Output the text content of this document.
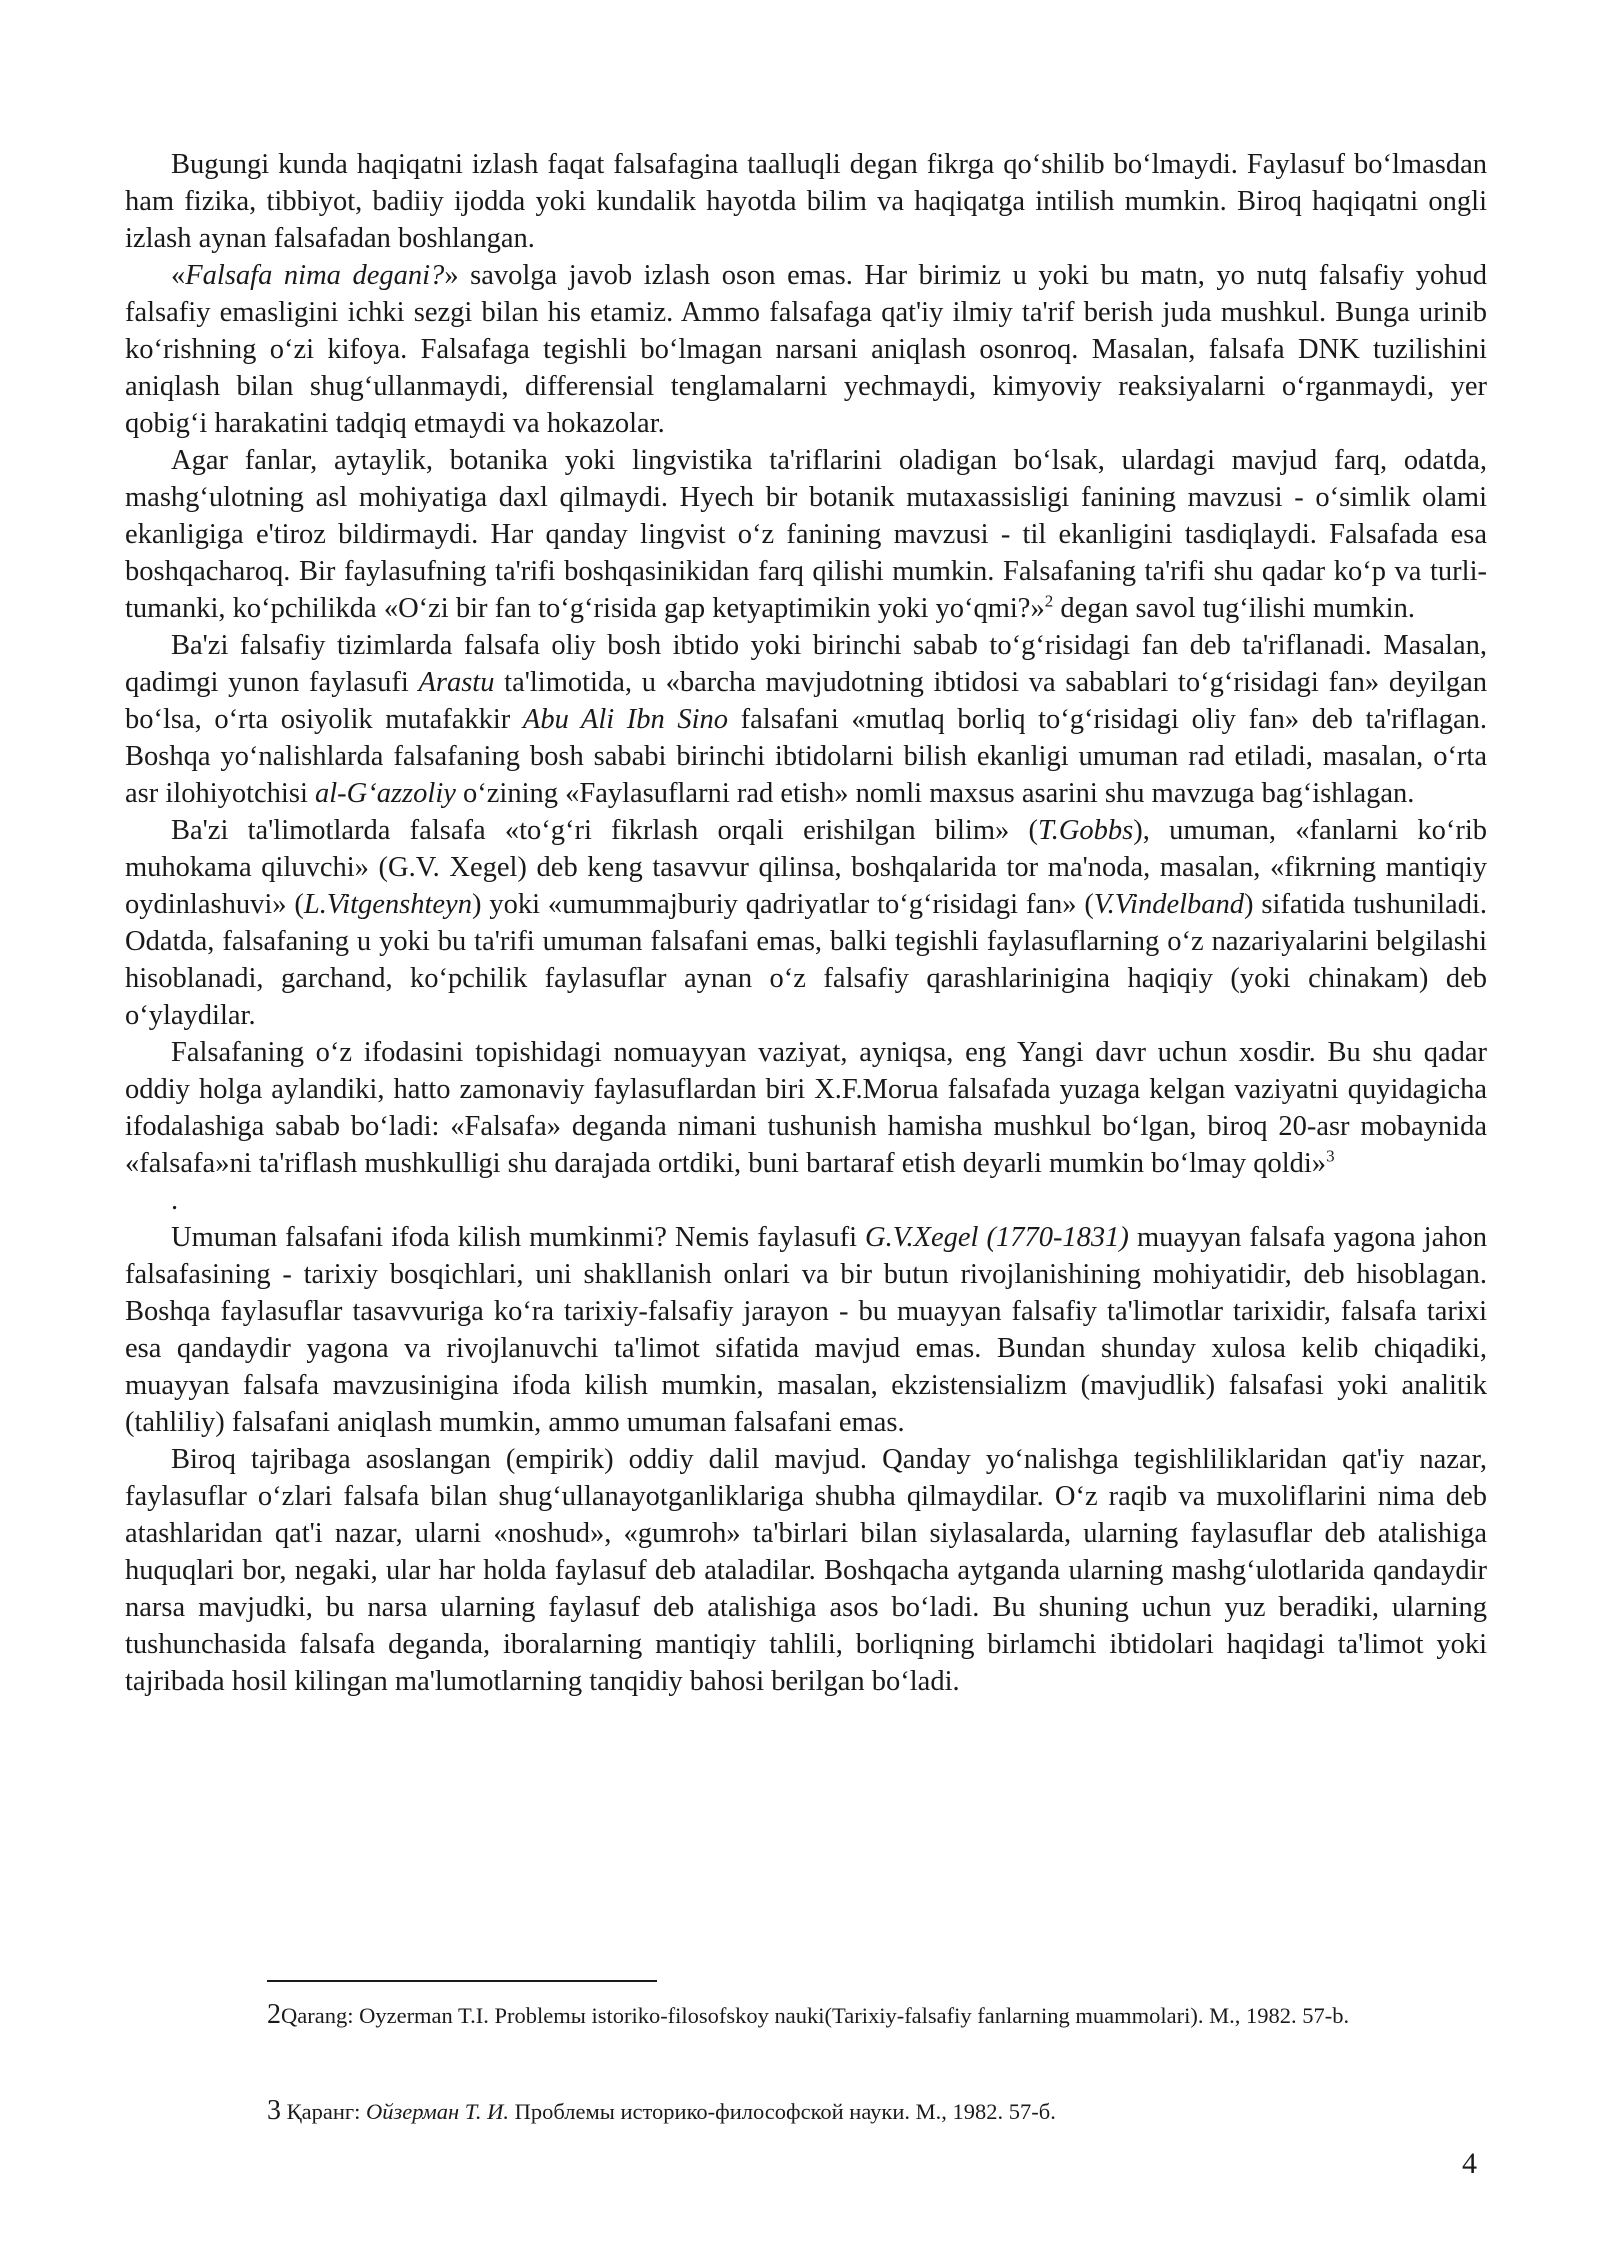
Bugungi kunda haqiqatni izlash faqat falsafagina taalluqli degan fikrga qo‘shilib bo‘lmaydi. Faylasuf bo‘lmasdan ham fizika, tibbiyot, badiiy ijodda yoki kundalik hayotda bilim va haqiqatga intilish mumkin. Biroq haqiqatni ongli izlash aynan falsafadan boshlangan.

«Falsafa nima degani?» savolga javob izlash oson emas. Har birimiz u yoki bu matn, yo nutq falsafiy yohud falsafiy emasligini ichki sezgi bilan his etamiz. Ammo falsafaga qat'iy ilmiy ta'rif berish juda mushkul. Bunga urinib ko‘rishning o‘zi kifoya. Falsafaga tegishli bo‘lmagan narsani aniqlash osonroq. Masalan, falsafa DNK tuzilishini aniqlash bilan shug‘ullanmaydi, differensial tenglamalarni yechmaydi, kimyoviy reaksiyalarni o‘rganmaydi, yer qobig‘i harakatini tadqiq etmaydi va hokazolar.

Agar fanlar, aytaylik, botanika yoki lingvistika ta'riflarini oladigan bo‘lsak, ulardagi mavjud farq, odatda, mashg‘ulotning asl mohiyatiga daxl qilmaydi. Hyech bir botanik mutaxassisligi fanining mavzusi - o‘simlik olami ekanligiga e'tiroz bildirmaydi. Har qanday lingvist o‘z fanining mavzusi - til ekanligini tasdiqlaydi. Falsafada esa boshqacharoq. Bir faylasufning ta'rifi boshqasinikidan farq qilishi mumkin. Falsafaning ta'rifi shu qadar ko‘p va turli-tumanki, ko‘pchilikda «O‘zi bir fan to‘g‘risida gap ketyaptimikin yoki yo‘qmi?»$^2$ degan savol tug‘ilishi mumkin.

Ba'zi falsafiy tizimlarda falsafa oliy bosh ibtido yoki birinchi sabab to‘g‘risidagi fan deb ta'riflanadi. Masalan, qadimgi yunon faylasufi Arastu ta'limotida, u «barcha mavjudotning ibtidosi va sabablari to‘g‘risidagi fan» deyilgan bo‘lsa, o‘rta osiyolik mutafakkir Abu Ali Ibn Sino falsafani «mutlaq borliq to‘g‘risidagi oliy fan» deb ta'riflagan. Boshqa yo‘nalishlarda falsafaning bosh sababi birinchi ibtidolarni bilish ekanligi umuman rad etiladi, masalan, o‘rta asr ilohiyotchisi al-G‘azzoliy o‘zining «Faylasuflarni rad etish» nomli maxsus asarini shu mavzuga bag‘ishlagan.

Ba'zi ta'limotlarda falsafa «to‘g‘ri fikrlash orqali erishilgan bilim» (T.Gobbs), umuman, «fanlarni ko‘rib muhokama qiluvchi» (G.V. Xegel) deb keng tasavvur qilinsa, boshqalarida tor ma'noda, masalan, «fikrning mantiqiy oydinlashuvi» (L.Vitgenshteyn) yoki «umummajburiy qadriyatlar to‘g‘risidagi fan» (V.Vindelband) sifatida tushuniladi. Odatda, falsafaning u yoki bu ta'rifi umuman falsafani emas, balki tegishli faylasuflarning o‘z nazariyalarini belgilashi hisoblanadi, garchand, ko‘pchilik faylasuflar aynan o‘z falsafiy qarashlarinigina haqiqiy (yoki chinakam) deb o‘ylaydilar.

Falsafaning o‘z ifodasini topishidagi nomuayyan vaziyat, ayniqsa, eng Yangi davr uchun xosdir. Bu shu qadar oddiy holga aylandiki, hatto zamonaviy faylasuflardan biri X.F.Morua falsafada yuzaga kelgan vaziyatni quyidagicha ifodalashiga sabab bo‘ladi: «Falsafa» deganda nimani tushunish hamisha mushkul bo‘lgan, biroq 20-asr mobaynida «falsafa»ni ta'riflash mushkulligi shu darajada ortdiki, buni bartaraf etish deyarli mumkin bo‘lmay qoldi»$^3$

.

Umuman falsafani ifoda kilish mumkinmi? Nemis faylasufi G.V.Xegel (1770-1831) muayyan falsafa yagona jahon falsafasining - tarixiy bosqichlari, uni shakllanish onlari va bir butun rivojlanishining mohiyatidir, deb hisoblagan. Boshqa faylasuflar tasavvuriga ko‘ra tarixiy-falsafiy jarayon - bu muayyan falsafiy ta'limotlar tarixidir, falsafa tarixi esa qandaydir yagona va rivojlanuvchi ta'limot sifatida mavjud emas. Bundan shunday xulosa kelib chiqadiki, muayyan falsafa mavzusinigina ifoda kilish mumkin, masalan, ekzistensializm (mavjudlik) falsafasi yoki analitik (tahliliy) falsafani aniqlash mumkin, ammo umuman falsafani emas.

Biroq tajribaga asoslangan (empirik) oddiy dalil mavjud. Qanday yo‘nalishga tegishliliklaridan qat'iy nazar, faylasuflar o‘zlari falsafa bilan shug‘ullanayotganliklariga shubha qilmaydilar. O‘z raqib va muxoliflarini nima deb atashlaridan qat'i nazar, ularni «noshud», «gumroh» ta'birlari bilan siylasalarda, ularning faylasuflar deb atalishiga huquqlari bor, negaki, ular har holda faylasuf deb ataladilar. Boshqacha aytganda ularning mashg‘ulotlarida qandaydir narsa mavjudki, bu narsa ularning faylasuf deb atalishiga asos bo‘ladi. Bu shuning uchun yuz beradiki, ularning tushunchasida falsafa deganda, iboralarning mantiqiy tahlili, borliqning birlamchi ibtidolari haqidagi ta'limot yoki tajribada hosil kilingan ma'lumotlarning tanqidiy bahosi berilgan bo‘ladi.

2Qarang: Oyzerman T.I. Problemы istoriko-filosofskoy nauki(Tarixiy-falsafiy fanlarning muammolari). M., 1982. 57-b.
3 Қаранг: Ойзерман Т. И. Проблемы историко-философской науки. М., 1982. 57-б.
4
